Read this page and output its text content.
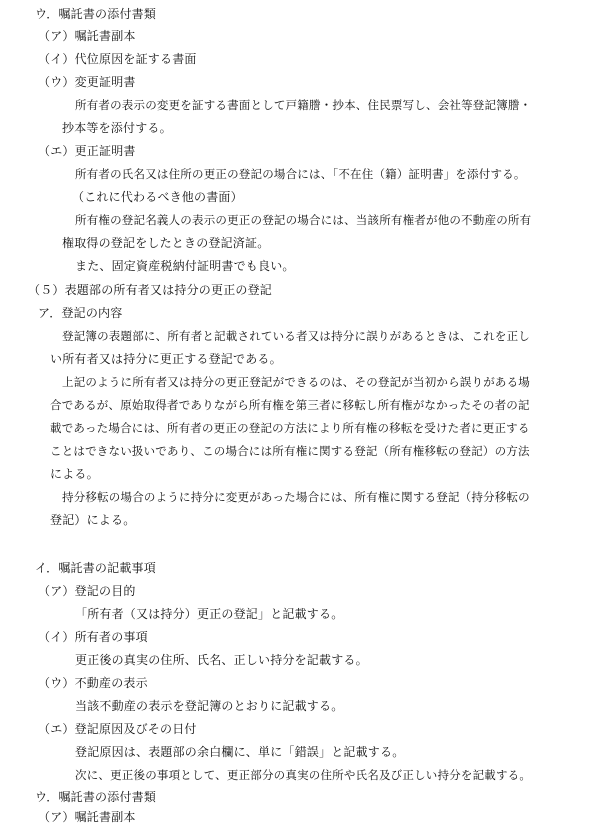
ウ．嘱託書の添付書類
（ア）嘱託書副本
（イ）代位原因を証する書面
（ウ）変更証明書
所有者の表示の変更を証する書面として戸籍謄・抄本、住民票写し、会社等登記簿謄・
抄本等を添付する。
（エ）更正証明書
所有者の氏名又は住所の更正の登記の場合には、「不在住（籍）証明書」を添付する。
（これに代わるべき他の書面）
所有権の登記名義人の表示の更正の登記の場合には、当該所有権者が他の不動産の所有
権取得の登記をしたときの登記済証。
また、固定資産税納付証明書でも良い。
（５）表題部の所有者又は持分の更正の登記
ア．登記の内容
登記簿の表題部に、所有者と記載されている者又は持分に誤りがあるときは、これを正し
い所有者又は持分に更正する登記である。
上記のように所有者又は持分の更正登記ができるのは、その登記が当初から誤りがある場
合であるが、原始取得者でありながら所有権を第三者に移転し所有権がなかったその者の記
載であった場合には、所有者の更正の登記の方法により所有権の移転を受けた者に更正する
ことはできない扱いであり、この場合には所有権に関する登記（所有権移転の登記）の方法
による。
持分移転の場合のように持分に変更があった場合には、所有権に関する登記（持分移転の
登記）による。
イ．嘱託書の記載事項
（ア）登記の目的
「所有者（又は持分）更正の登記」と記載する。
（イ）所有者の事項
更正後の真実の住所、氏名、正しい持分を記載する。
（ウ）不動産の表示
当該不動産の表示を登記簿のとおりに記載する。
（エ）登記原因及びその日付
登記原因は、表題部の余白欄に、単に「錯誤」と記載する。
次に、更正後の事項として、更正部分の真実の住所や氏名及び正しい持分を記載する。
ウ．嘱託書の添付書類
（ア）嘱託書副本
